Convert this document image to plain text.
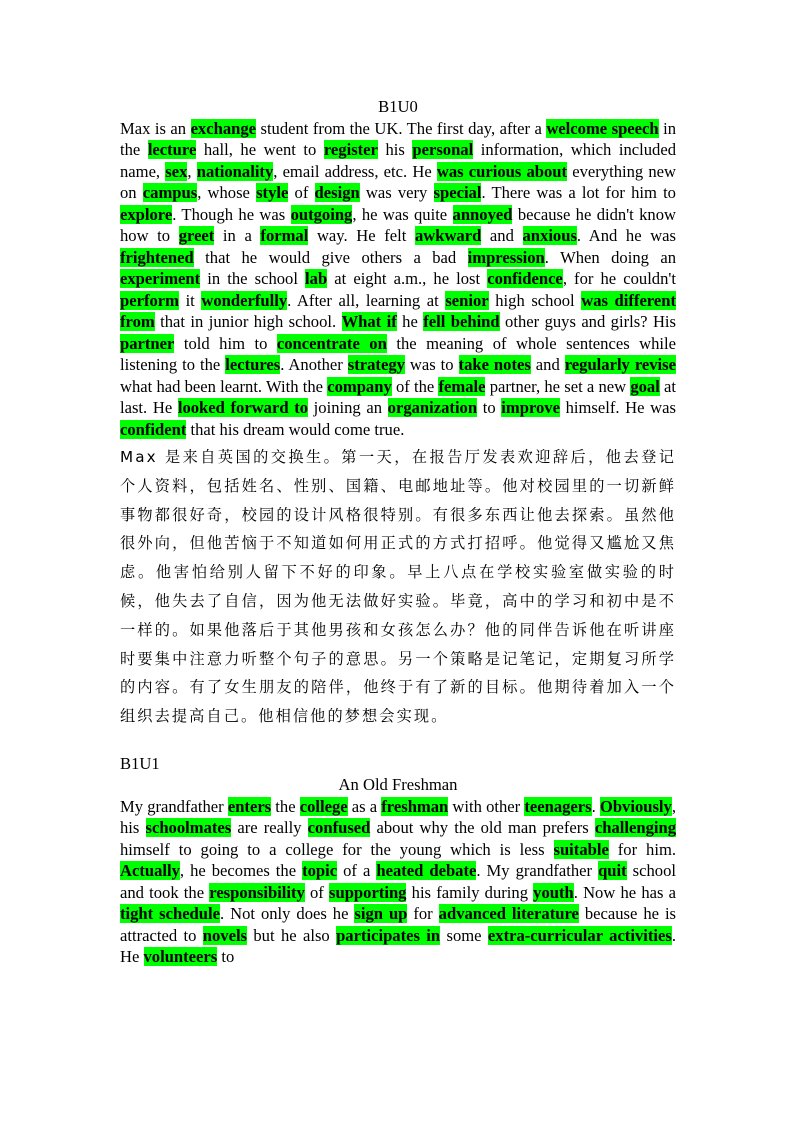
B1U0

Max is an exchange student from the UK. The first day, after a welcome speech in the lecture hall, he went to register his personal information, which included name, sex, nationality, email address, etc. He was curious about everything new on campus, whose style of design was very special. There was a lot for him to explore. Though he was outgoing, he was quite annoyed because he didn't know how to greet in a formal way. He felt awkward and anxious. And he was frightened that he would give others a bad impression. When doing an experiment in the school lab at eight a.m., he lost confidence, for he couldn't perform it wonderfully. After all, learning at senior high school was different from that in junior high school. What if he fell behind other guys and girls? His partner told him to concentrate on the meaning of whole sentences while listening to the lectures. Another strategy was to take notes and regularly revise what had been learnt. With the company of the female partner, he set a new goal at last. He looked forward to joining an organization to improve himself. He was confident that his dream would come true.

Max 是来自英国的交换生。第一天，在报告厅发表欢迎辞后，他去登记个人资料，包括姓名、性别、国籍、电邮地址等。他对校园里的一切新鲜事物都很好奇，校园的设计风格很特别。有很多东西让他去探索。虽然他很外向，但他苦恼于不知道如何用正式的方式打招呼。他觉得又尴尬又焦虑。他害怕给别人留下不好的印象。早上八点在学校实验室做实验的时候，他失去了自信，因为他无法做好实验。毕竟，高中的学习和初中是不一样的。如果他落后于其他男孩和女孩怎么办？他的同伴告诉他在听讲座时要集中注意力听整个句子的意思。另一个策略是记笔记，定期复习所学的内容。有了女生朋友的陪伴，他终于有了新的目标。他期待着加入一个组织去提高自己。他相信他的梦想会实现。

B1U1

An Old Freshman

My grandfather enters the college as a freshman with other teenagers. Obviously, his schoolmates are really confused about why the old man prefers challenging himself to going to a college for the young which is less suitable for him. Actually, he becomes the topic of a heated debate. My grandfather quit school and took the responsibility of supporting his family during youth. Now he has a tight schedule. Not only does he sign up for advanced literature because he is attracted to novels but he also participates in some extra-curricular activities. He volunteers to
